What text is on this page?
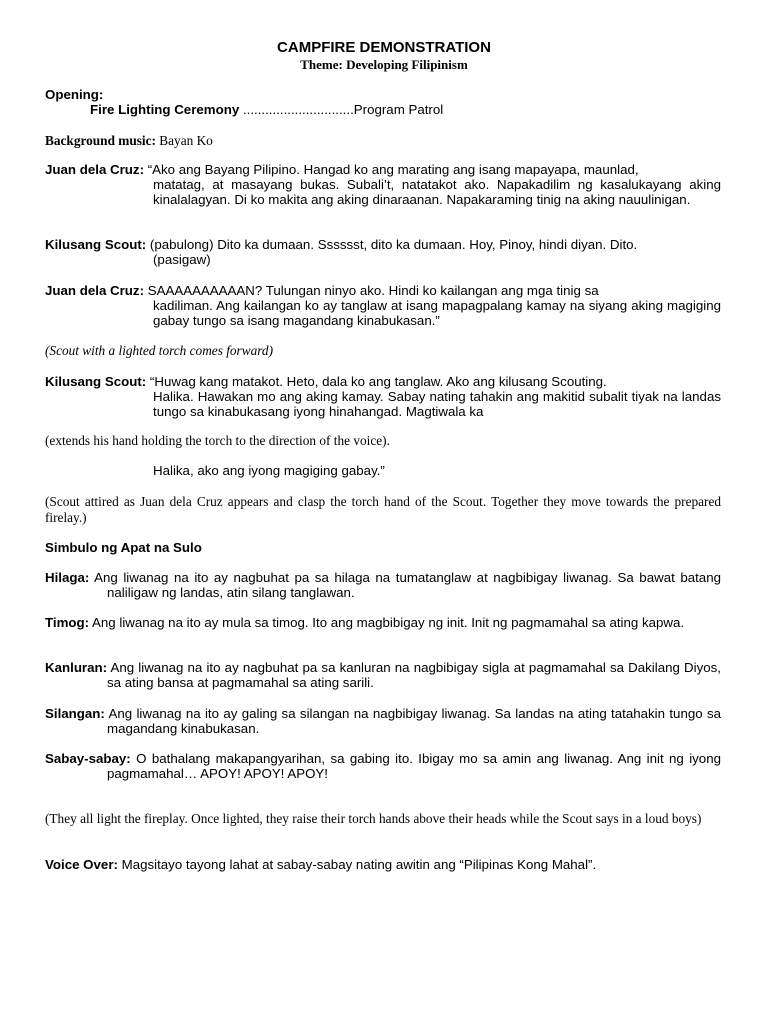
CAMPFIRE DEMONSTRATION
Theme: Developing Filipinism
Opening:
Fire Lighting Ceremony ..............................Program Patrol
Background music: Bayan Ko
Juan dela Cruz: “Ako ang Bayang Pilipino. Hangad ko ang marating ang isang mapayapa, maunlad,
matatag, at masayang bukas. Subali’t, natatakot ako. Napakadilim ng kasalukayang aking kinalalagyan. Di ko makita ang aking dinaraanan. Napakaraming tinig na aking nauulinigan.
Kilusang Scout: (pabulong) Dito ka dumaan. Sssssst, dito ka dumaan. Hoy, Pinoy, hindi diyan. Dito.
(pasigaw)
Juan dela Cruz: SAAAAAAAAAAN? Tulungan ninyo ako. Hindi ko kailangan ang mga tinig sa
kadiliman. Ang kailangan ko ay tanglaw at isang mapagpalang kamay na siyang aking magiging gabay tungo sa isang magandang kinabukasan.”
(Scout with a lighted torch comes forward)
Kilusang Scout: “Huwag kang matakot. Heto, dala ko ang tanglaw. Ako ang kilusang Scouting.
Halika. Hawakan mo ang aking kamay. Sabay nating tahakin ang makitid subalit tiyak na landas tungo sa kinabukasang iyong hinahangad. Magtiwala ka
(extends his hand holding the torch to the direction of the voice).
Halika, ako ang iyong magiging gabay.”
(Scout attired as Juan dela Cruz appears and clasp the torch hand of the Scout. Together they move towards the prepared firelay.)
Simbulo ng Apat na Sulo
Hilaga: Ang liwanag na ito ay nagbuhat pa sa hilaga na tumatanglaw at nagbibigay liwanag. Sa bawat batang naliligaw ng landas, atin silang tanglawan.
Timog: Ang liwanag na ito ay mula sa timog. Ito ang magbibigay ng init. Init ng pagmamahal sa ating kapwa.
Kanluran: Ang liwanag na ito ay nagbuhat pa sa kanluran na nagbibigay sigla at pagmamahal sa Dakilang Diyos, sa ating bansa at pagmamahal sa ating sarili.
Silangan: Ang liwanag na ito ay galing sa silangan na nagbibigay liwanag. Sa landas na ating tatahakin tungo sa magandang kinabukasan.
Sabay-sabay: O bathalang makapangyarihan, sa gabing ito. Ibigay mo sa amin ang liwanag. Ang init ng iyong pagmamahal… APOY! APOY! APOY!
(They all light the fireplay. Once lighted, they raise their torch hands above their heads while the Scout says in a loud boys)
Voice Over: Magsitayo tayong lahat at sabay-sabay nating awitin ang “Pilipinas Kong Mahal”.
